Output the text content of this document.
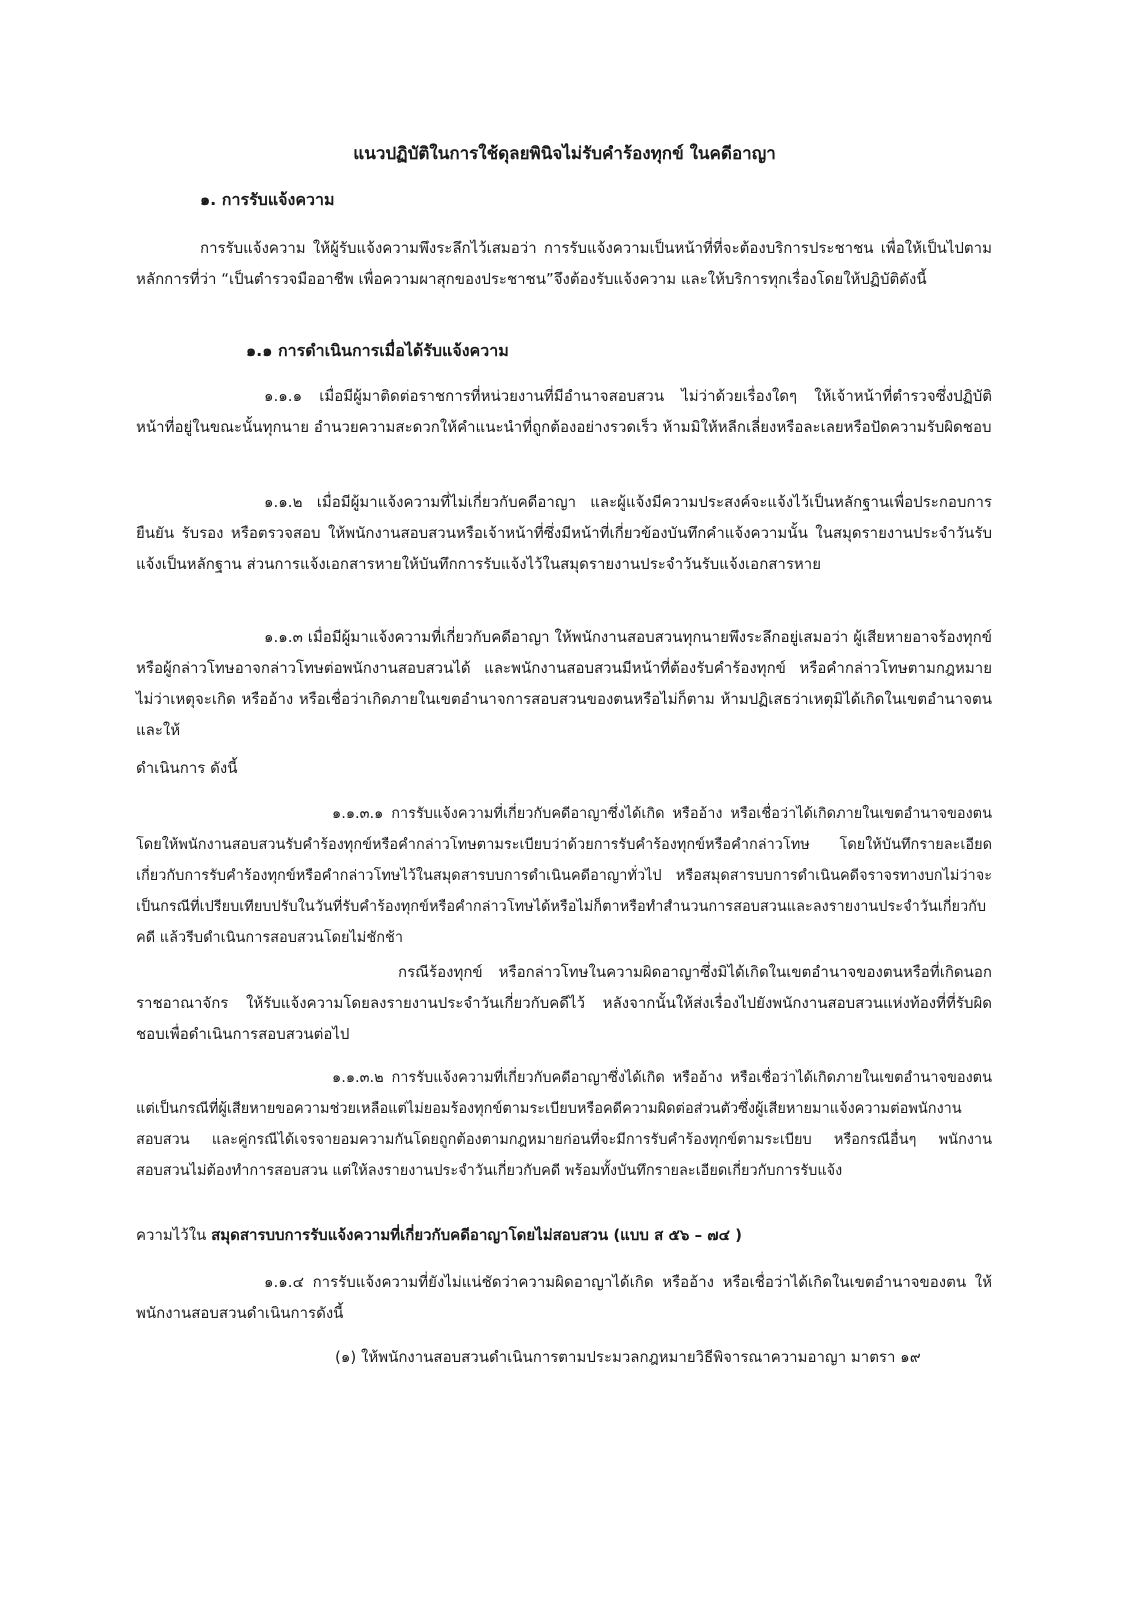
แนวปฏิบัติในการใช้ดุลยพินิจไม่รับคำร้องทุกข์ ในคดีอาญา
๑. การรับแจ้งความ
การรับแจ้งความ ให้ผู้รับแจ้งความพึงระลึกไว้เสมอว่า การรับแจ้งความเป็นหน้าที่ที่จะต้องบริการประชาชน เพื่อให้เป็นไปตามหลักการที่ว่า “เป็นตำรวจมืออาชีพ เพื่อความผาสุกของประชาชน”จึงต้องรับแจ้งความ และให้บริการทุกเรื่องโดยให้ปฏิบัติดังนี้
๑.๑ การดำเนินการเมื่อได้รับแจ้งความ
๑.๑.๑ เมื่อมีผู้มาติดต่อราชการที่หน่วยงานที่มีอำนาจสอบสวน ไม่ว่าด้วยเรื่องใดๆ ให้เจ้าหน้าที่ตำรวจซึ่งปฏิบัติหน้าที่อยู่ในขณะนั้นทุกนาย อำนวยความสะดวกให้คำแนะนำที่ถูกต้องอย่างรวดเร็ว ห้ามมิให้หลีกเลี่ยงหรือละเลยหรือปัดความรับผิดชอบ
๑.๑.๒ เมื่อมีผู้มาแจ้งความที่ไม่เกี่ยวกับคดีอาญา และผู้แจ้งมีความประสงค์จะแจ้งไว้เป็นหลักฐานเพื่อประกอบการยืนยัน รับรอง หรือตรวจสอบ ให้พนักงานสอบสวนหรือเจ้าหน้าที่ซึ่งมีหน้าที่เกี่ยวข้องบันทึกคำแจ้งความนั้น ในสมุดรายงานประจำวันรับแจ้งเป็นหลักฐาน ส่วนการแจ้งเอกสารหายให้บันทึกการรับแจ้งไว้ในสมุดรายงานประจำวันรับแจ้งเอกสารหาย
๑.๑.๓ เมื่อมีผู้มาแจ้งความที่เกี่ยวกับคดีอาญา ให้พนักงานสอบสวนทุกนายพึงระลึกอยู่เสมอว่า ผู้เสียหายอาจร้องทุกข์ หรือผู้กล่าวโทษอาจกล่าวโทษต่อพนักงานสอบสวนได้ และพนักงานสอบสวนมีหน้าที่ต้องรับคำร้องทุกข์ หรือคำกล่าวโทษตามกฎหมาย ไม่ว่าเหตุจะเกิด หรืออ้าง หรือเชื่อว่าเกิดภายในเขตอำนาจการสอบสวนของตนหรือไม่ก็ตาม ห้ามปฏิเสธว่าเหตุมิได้เกิดในเขตอำนาจตน และให้
ดำเนินการ ดังนี้
๑.๑.๓.๑ การรับแจ้งความที่เกี่ยวกับคดีอาญาซึ่งได้เกิด หรืออ้าง หรือเชื่อว่าได้เกิดภายในเขตอำนาจของตน โดยให้พนักงานสอบสวนรับคำร้องทุกข์หรือคำกล่าวโทษตามระเบียบว่าด้วยการรับคำร้องทุกข์หรือคำกล่าวโทษ โดยให้บันทึกรายละเอียดเกี่ยวกับการรับคำร้องทุกข์หรือคำกล่าวโทษไว้ในสมุดสารบบการดำเนินคดีอาญาทั่วไป หรือสมุดสารบบการดำเนินคดีจราจรทางบกไม่ว่าจะเป็นกรณีที่เปรียบเทียบปรับในวันที่รับคำร้องทุกข์หรือคำกล่าวโทษได้หรือไม่ก็ตาหรือทำสำนวนการสอบสวนและลงรายงานประจำวันเกี่ยวกับคดี แล้วรีบดำเนินการสอบสวนโดยไม่ชักช้า
กรณีร้องทุกข์ หรือกล่าวโทษในความผิดอาญาซึ่งมิได้เกิดในเขตอำนาจของตนหรือที่เกิดนอกราชอาณาจักร ให้รับแจ้งความโดยลงรายงานประจำวันเกี่ยวกับคดีไว้ หลังจากนั้นให้ส่งเรื่องไปยังพนักงานสอบสวนแห่งท้องที่ที่รับผิดชอบเพื่อดำเนินการสอบสวนต่อไป
๑.๑.๓.๒ การรับแจ้งความที่เกี่ยวกับคดีอาญาซึ่งได้เกิด หรืออ้าง หรือเชื่อว่าได้เกิดภายในเขตอำนาจของตนแต่เป็นกรณีที่ผู้เสียหายขอความช่วยเหลือแต่ไม่ยอมร้องทุกข์ตามระเบียบหรือคดีความผิดต่อส่วนตัวซึ่งผู้เสียหายมาแจ้งความต่อพนักงานสอบสวน และคู่กรณีได้เจรจายอมความกันโดยถูกต้องตามกฎหมายก่อนที่จะมีการรับคำร้องทุกข์ตามระเบียบ หรือกรณีอื่นๆ พนักงานสอบสวนไม่ต้องทำการสอบสวน แต่ให้ลงรายงานประจำวันเกี่ยวกับคดี พร้อมทั้งบันทึกรายละเอียดเกี่ยวกับการรับแจ้ง
ความไว้ใน สมุดสารบบการรับแจ้งความที่เกี่ยวกับคดีอาญาโดยไม่สอบสวน (แบบ ส ๕๖ – ๗๔ )
๑.๑.๔ การรับแจ้งความที่ยังไม่แน่ชัดว่าความผิดอาญาได้เกิด หรืออ้าง หรือเชื่อว่าได้เกิดในเขตอำนาจของตน ให้พนักงานสอบสวนดำเนินการดังนี้
(๑) ให้พนักงานสอบสวนดำเนินการตามประมวลกฎหมายวิธีพิจารณาความอาญา มาตรา ๑๙
